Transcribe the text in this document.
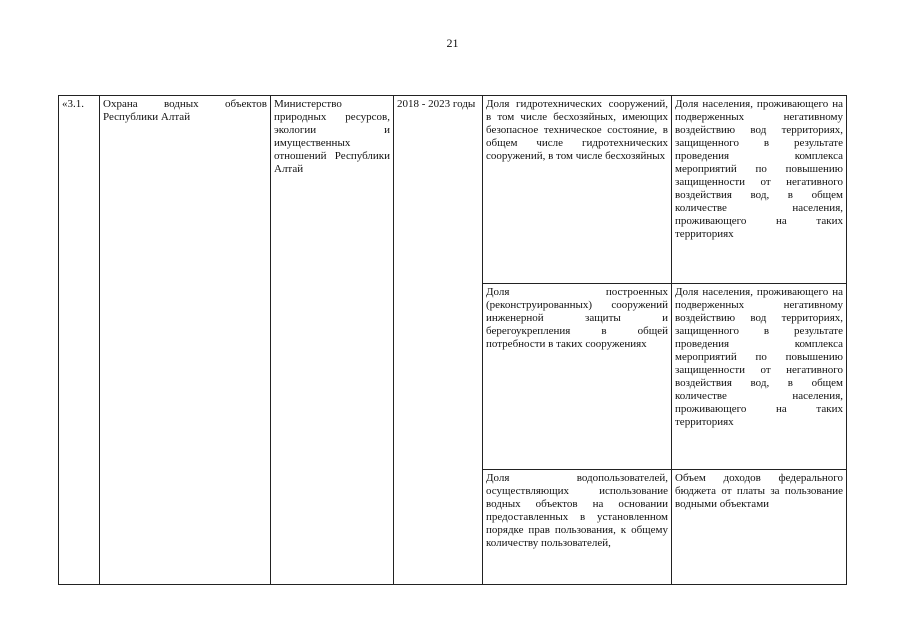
21
«3.1.	Охрана водных объектов Республики Алтай	Министерство природных ресурсов, экологии и имущественных отношений Республики Алтай	2018 - 2023 годы	Доля гидротехнических сооружений, в том числе бесхозяйных, имеющих безопасное техническое состояние, в общем числе гидротехнических сооружений, в том числе бесхозяйных	Доля населения, проживающего на подверженных негативному воздействию вод территориях, защищенного в результате проведения комплекса мероприятий по повышению защищенности от негативного воздействия вод, в общем количестве населения, проживающего на таких территориях
				Доля построенных (реконструированных) сооружений инженерной защиты и берегоукрепления в общей потребности в таких сооружениях	Доля населения, проживающего на подверженных негативному воздействию вод территориях, защищенного в результате проведения комплекса мероприятий по повышению защищенности от негативного воздействия вод, в общем количестве населения, проживающего на таких территориях

				Доля водопользователей, осуществляющих использование водных объектов на основании предоставленных в установленном порядке прав пользования, к общему количеству пользователей,	Объем доходов федерального бюджета от платы за пользование водными объектами
